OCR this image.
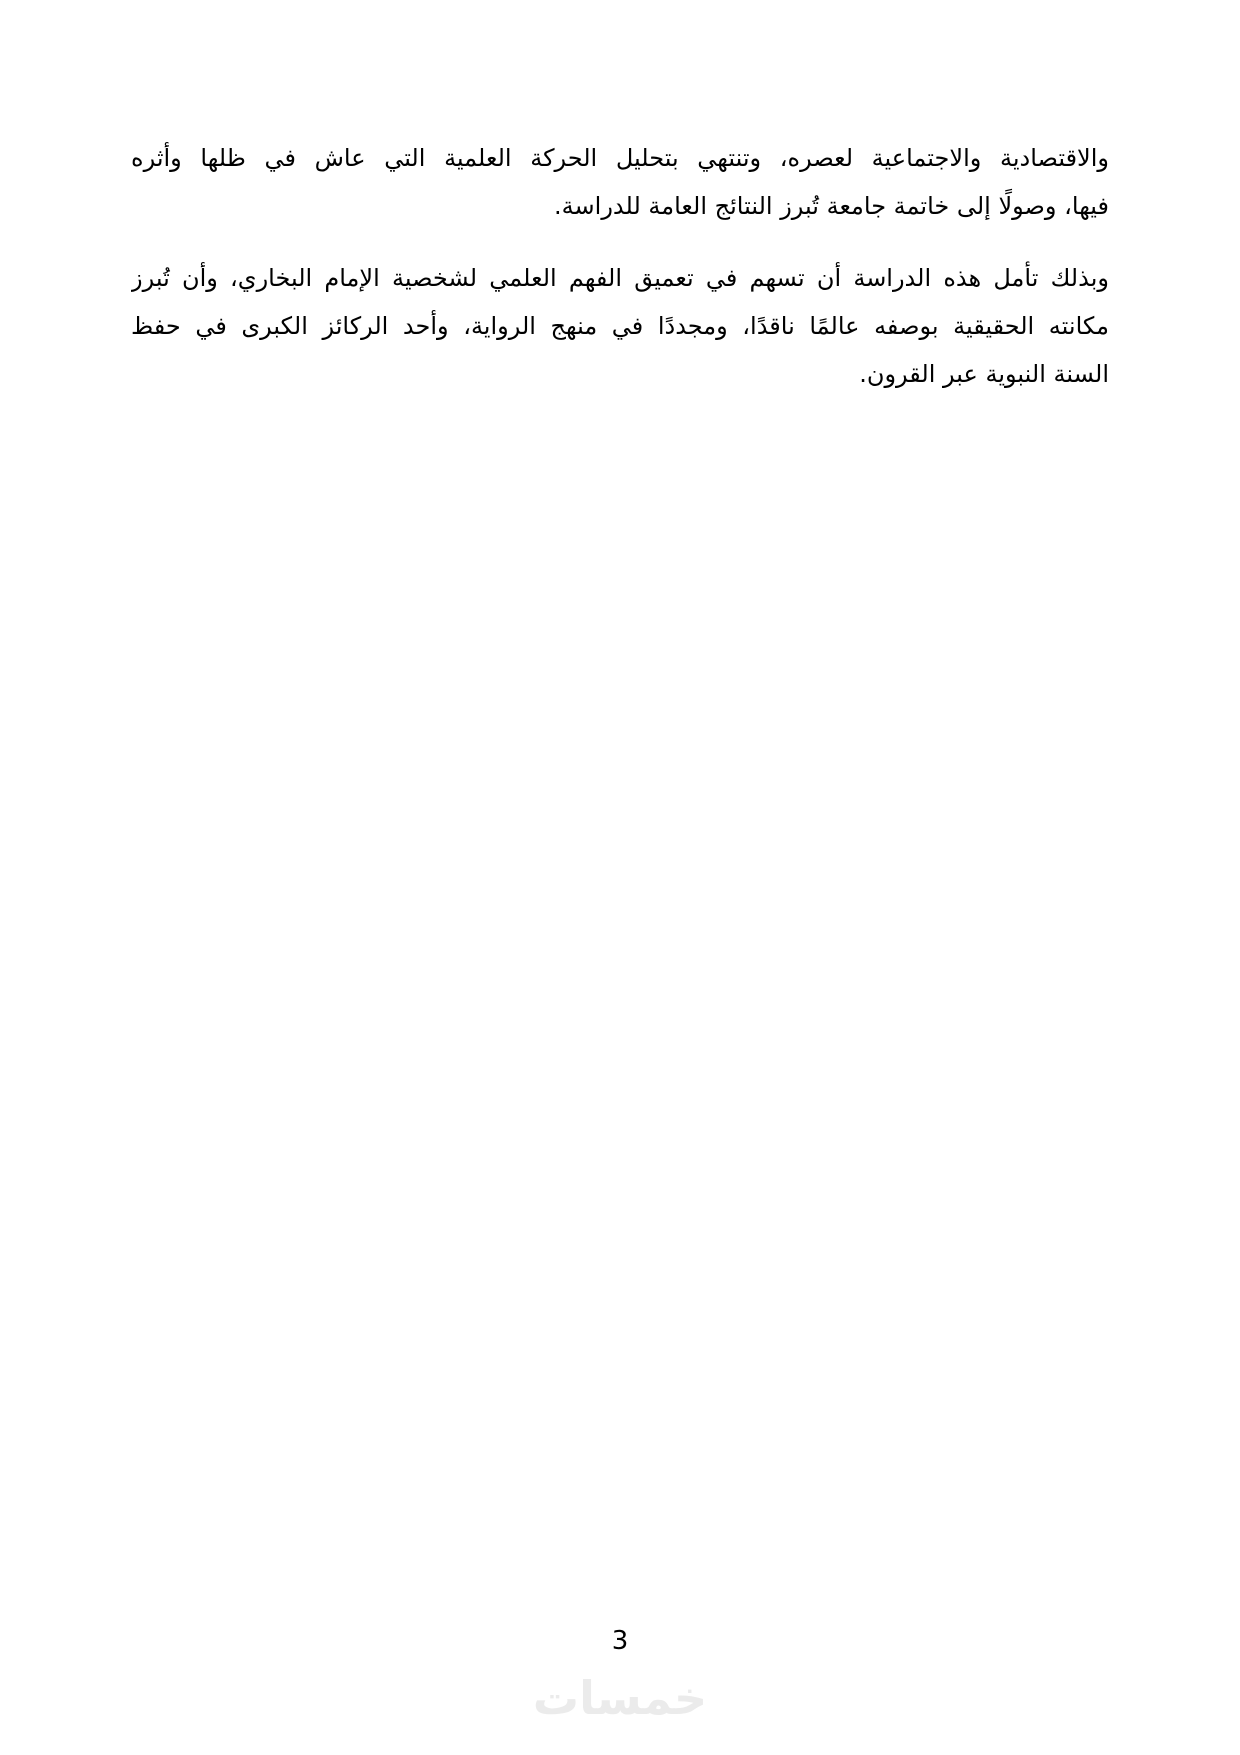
والاقتصادية والاجتماعية لعصره، وتنتهي بتحليل الحركة العلمية التي عاش في ظلها وأثره
فيها، وصولًا إلى خاتمة جامعة تُبرز النتائج العامة للدراسة.
وبذلك تأمل هذه الدراسة أن تسهم في تعميق الفهم العلمي لشخصية الإمام البخاري، وأن تُبرز
مكانته الحقيقية بوصفه عالمًا ناقدًا، ومجددًا في منهج الرواية، وأحد الركائز الكبرى في حفظ
السنة النبوية عبر القرون.
3
خمسات
